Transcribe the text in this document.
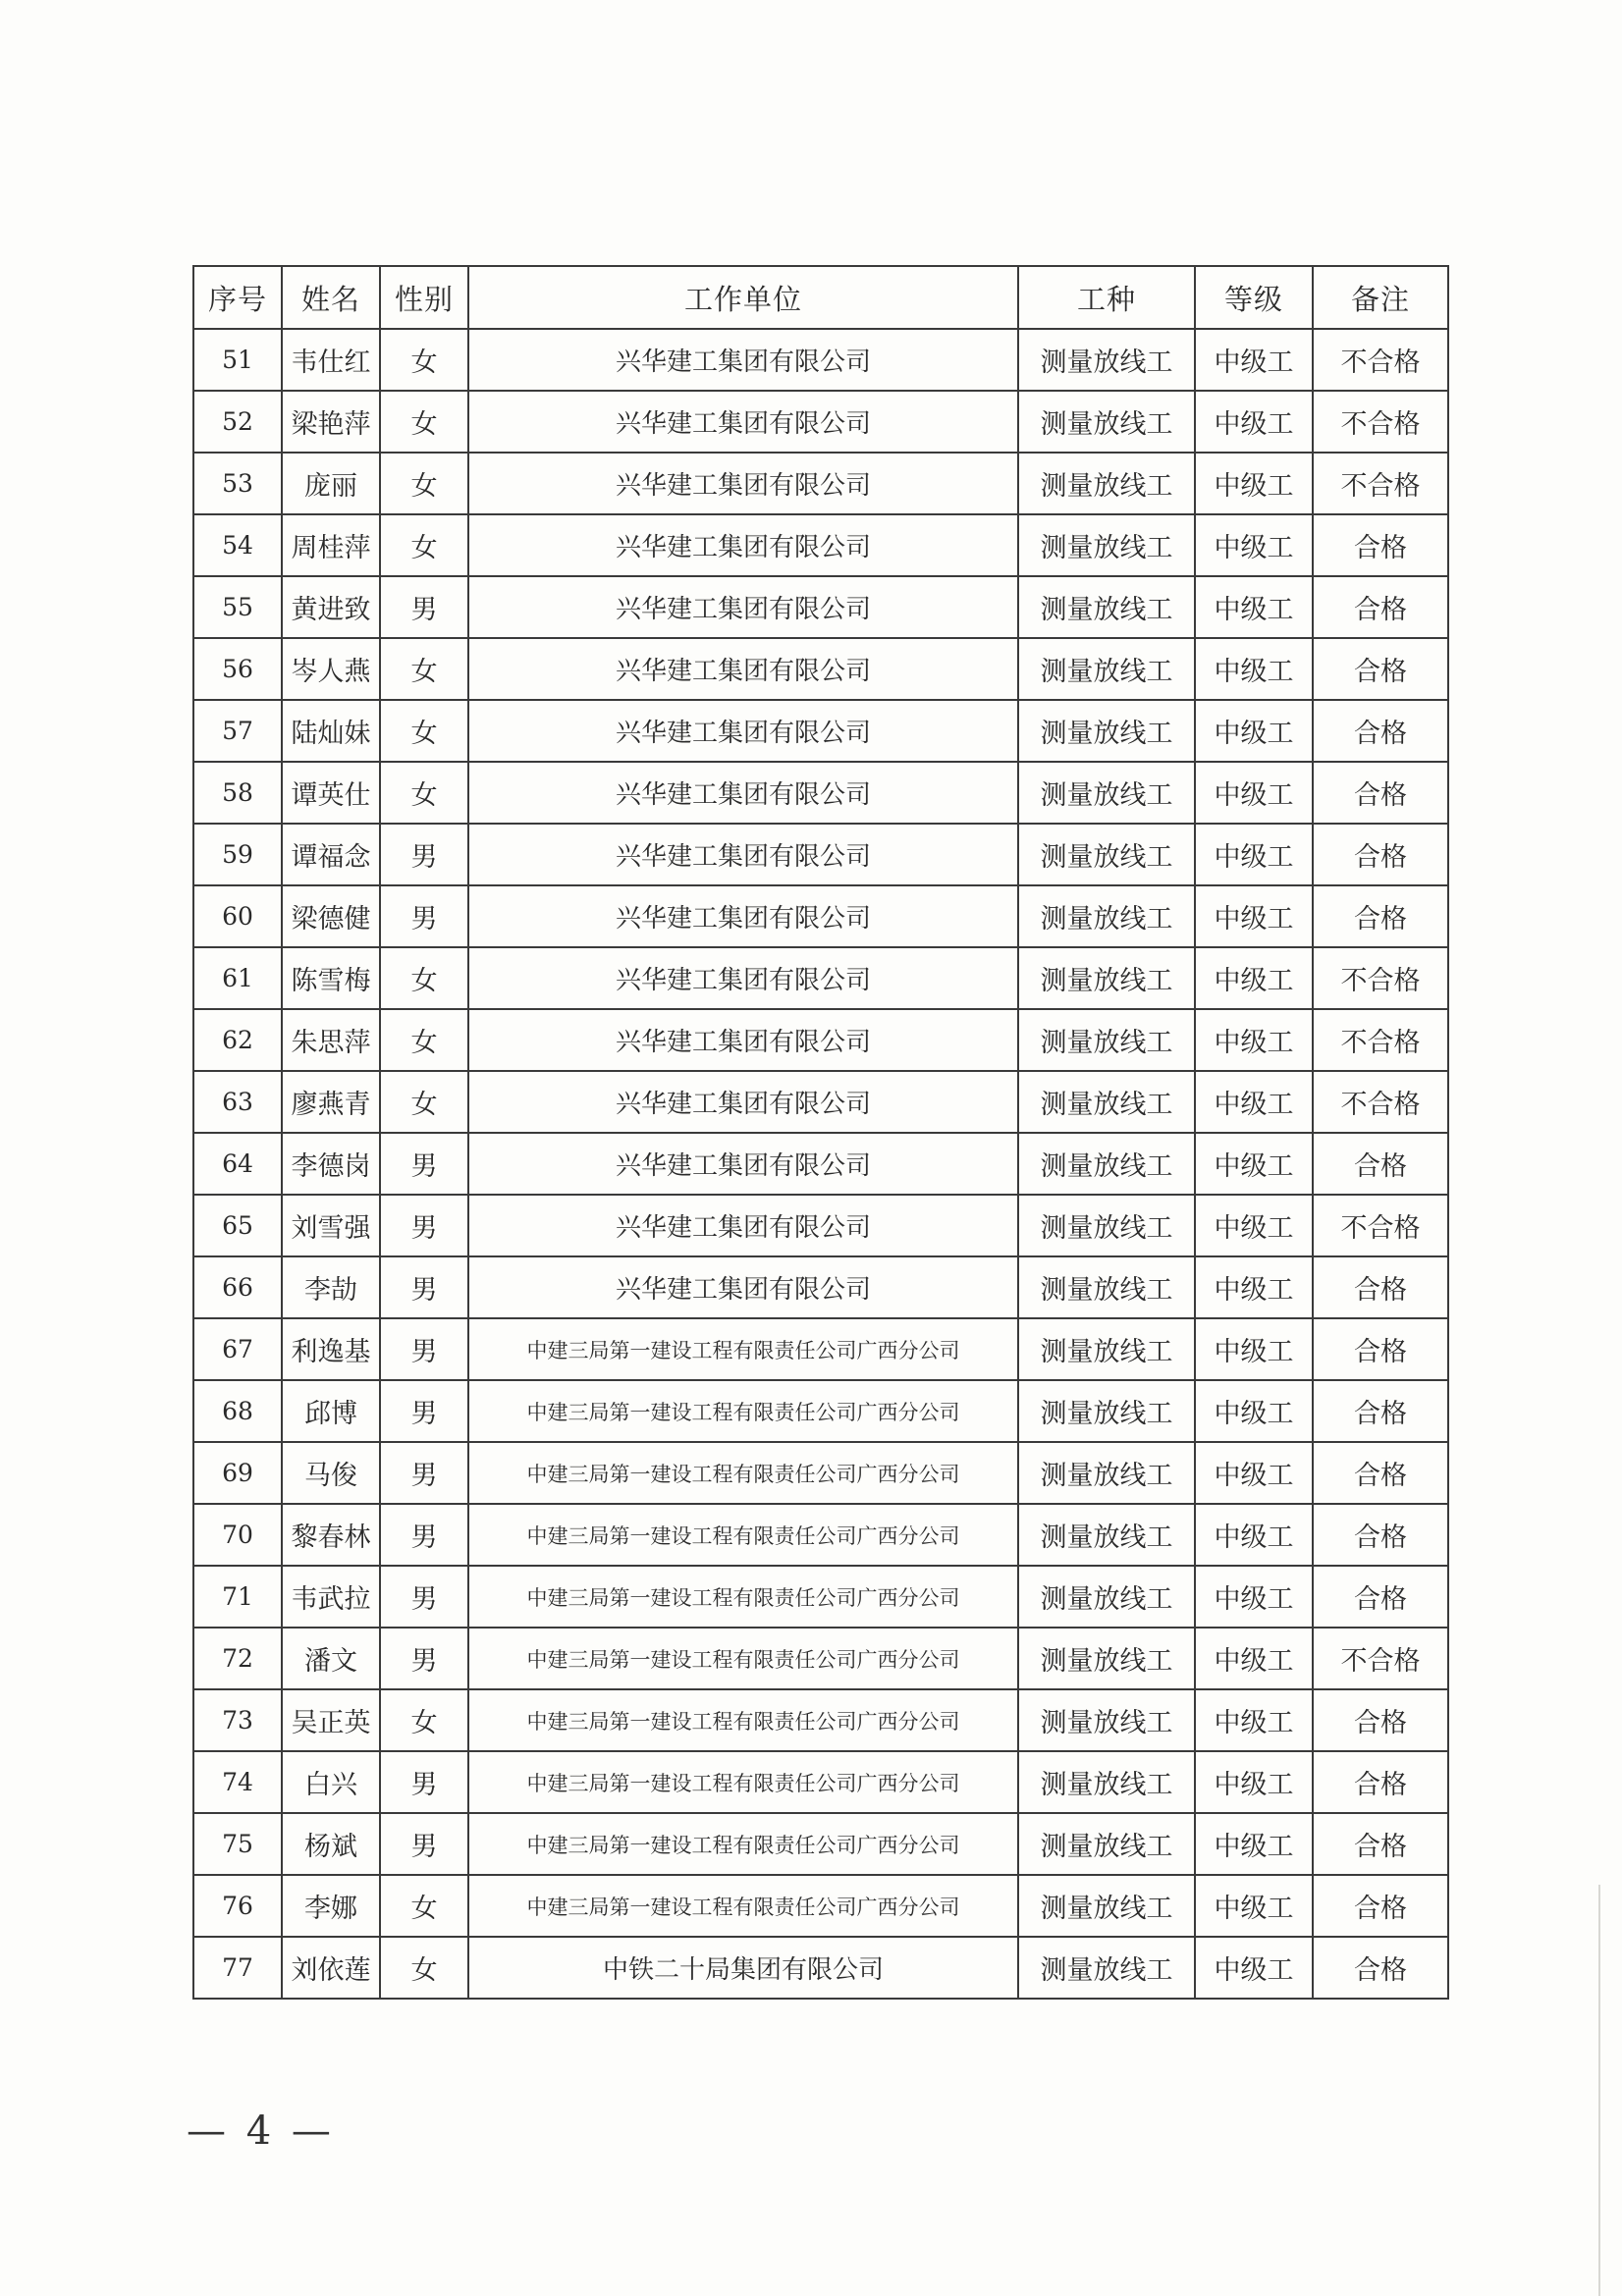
序号	姓名	性别	工作单位	工种	等级	备注
51	韦仕红	女	兴华建工集团有限公司	测量放线工	中级工	不合格
52	梁艳萍	女	兴华建工集团有限公司	测量放线工	中级工	不合格
53	庞丽	女	兴华建工集团有限公司	测量放线工	中级工	不合格
54	周桂萍	女	兴华建工集团有限公司	测量放线工	中级工	合格
55	黄进致	男	兴华建工集团有限公司	测量放线工	中级工	合格
56	岑人燕	女	兴华建工集团有限公司	测量放线工	中级工	合格
57	陆灿妹	女	兴华建工集团有限公司	测量放线工	中级工	合格
58	谭英仕	女	兴华建工集团有限公司	测量放线工	中级工	合格
59	谭福念	男	兴华建工集团有限公司	测量放线工	中级工	合格
60	梁德健	男	兴华建工集团有限公司	测量放线工	中级工	合格
61	陈雪梅	女	兴华建工集团有限公司	测量放线工	中级工	不合格
62	朱思萍	女	兴华建工集团有限公司	测量放线工	中级工	不合格
63	廖燕青	女	兴华建工集团有限公司	测量放线工	中级工	不合格
64	李德岗	男	兴华建工集团有限公司	测量放线工	中级工	合格
65	刘雪强	男	兴华建工集团有限公司	测量放线工	中级工	不合格
66	李劼	男	兴华建工集团有限公司	测量放线工	中级工	合格
67	利逸基	男	中建三局第一建设工程有限责任公司广西分公司	测量放线工	中级工	合格
68	邱博	男	中建三局第一建设工程有限责任公司广西分公司	测量放线工	中级工	合格
69	马俊	男	中建三局第一建设工程有限责任公司广西分公司	测量放线工	中级工	合格
70	黎春林	男	中建三局第一建设工程有限责任公司广西分公司	测量放线工	中级工	合格
71	韦武拉	男	中建三局第一建设工程有限责任公司广西分公司	测量放线工	中级工	合格
72	潘文	男	中建三局第一建设工程有限责任公司广西分公司	测量放线工	中级工	不合格
73	吴正英	女	中建三局第一建设工程有限责任公司广西分公司	测量放线工	中级工	合格
74	白兴	男	中建三局第一建设工程有限责任公司广西分公司	测量放线工	中级工	合格
75	杨斌	男	中建三局第一建设工程有限责任公司广西分公司	测量放线工	中级工	合格
76	李娜	女	中建三局第一建设工程有限责任公司广西分公司	测量放线工	中级工	合格
77	刘依莲	女	中铁二十局集团有限公司	测量放线工	中级工	合格
— 4 —
